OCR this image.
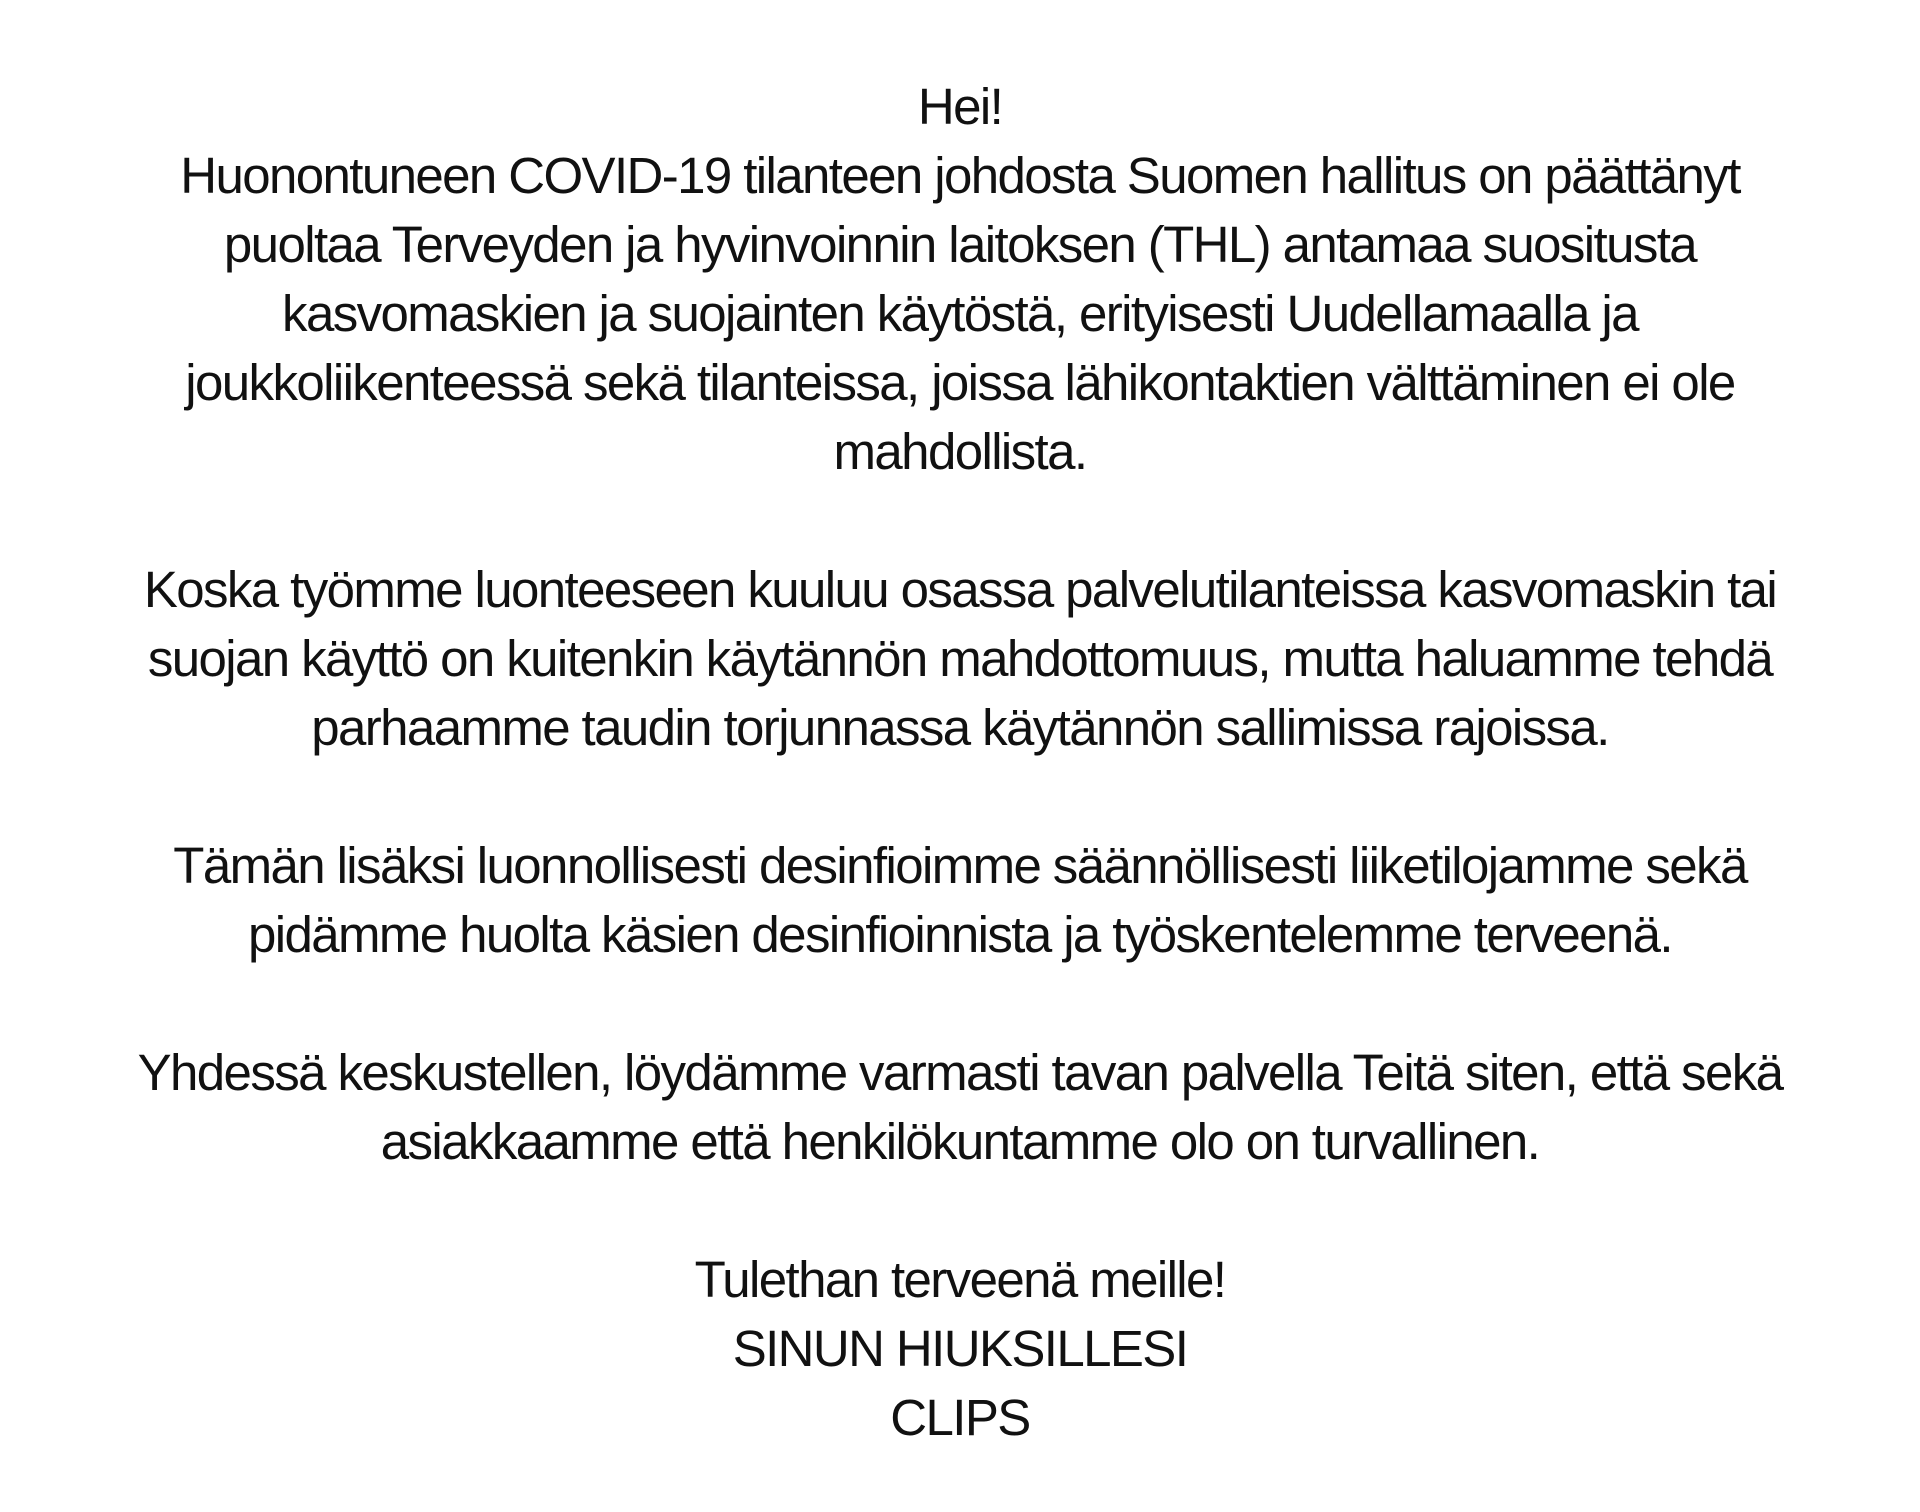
Hei!
Huonontuneen COVID-19 tilanteen johdosta Suomen hallitus on päättänyt
puoltaa Terveyden ja hyvinvoinnin laitoksen (THL) antamaa suositusta
kasvomaskien ja suojainten käytöstä, erityisesti Uudellamaalla ja
joukkoliikenteessä sekä tilanteissa, joissa lähikontaktien välttäminen ei ole
mahdollista.
Koska työmme luonteeseen kuuluu osassa palvelutilanteissa kasvomaskin tai
suojan käyttö on kuitenkin käytännön mahdottomuus, mutta haluamme tehdä
parhaamme taudin torjunnassa käytännön sallimissa rajoissa.
Tämän lisäksi luonnollisesti desinfioimme säännöllisesti liiketilojamme sekä
pidämme huolta käsien desinfioinnista ja työskentelemme terveenä.
Yhdessä keskustellen, löydämme varmasti tavan palvella Teitä siten, että sekä
asiakkaamme että henkilökuntamme olo on turvallinen.
Tulethan terveenä meille!
SINUN HIUKSILLESI
CLIPS
